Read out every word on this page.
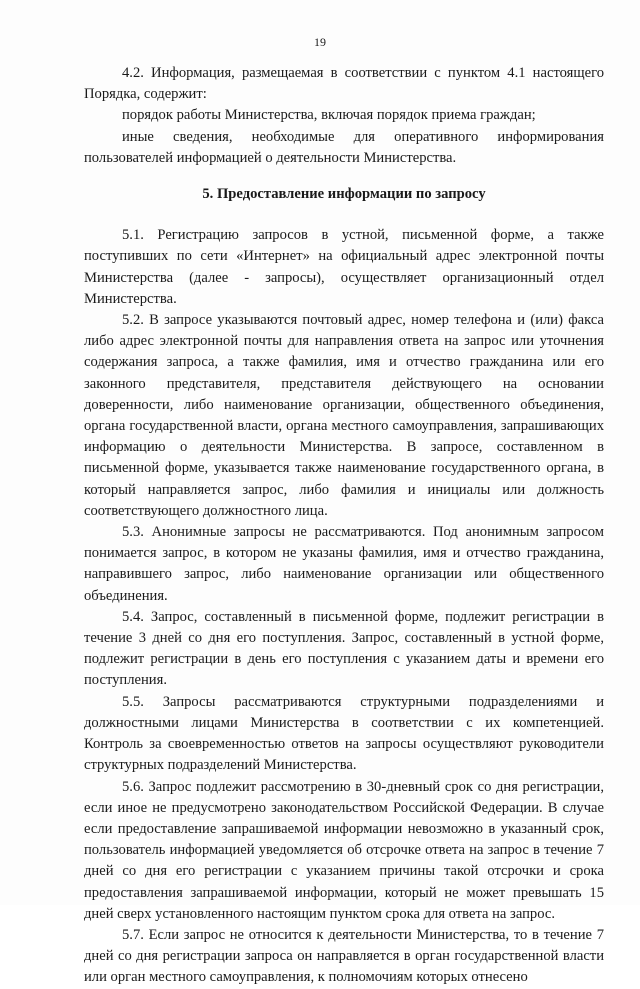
19

4.2. Информация, размещаемая в соответствии с пунктом 4.1 настоящего Порядка, содержит:

порядок работы Министерства, включая порядок приема граждан;

иные сведения, необходимые для оперативного информирования пользователей информацией о деятельности Министерства.

5. Предоставление информации по запросу

5.1. Регистрацию запросов в устной, письменной форме, а также поступивших по сети «Интернет» на официальный адрес электронной почты Министерства (далее - запросы), осуществляет организационный отдел Министерства.

5.2. В запросе указываются почтовый адрес, номер телефона и (или) факса либо адрес электронной почты для направления ответа на запрос или уточнения содержания запроса, а также фамилия, имя и отчество гражданина или его законного представителя, представителя действующего на основании доверенности, либо наименование организации, общественного объединения, органа государственной власти, органа местного самоуправления, запрашивающих информацию о деятельности Министерства. В запросе, составленном в письменной форме, указывается также наименование государственного органа, в который направляется запрос, либо фамилия и инициалы или должность соответствующего должностного лица.

5.3. Анонимные запросы не рассматриваются. Под анонимным запросом понимается запрос, в котором не указаны фамилия, имя и отчество гражданина, направившего запрос, либо наименование организации или общественного объединения.

5.4. Запрос, составленный в письменной форме, подлежит регистрации в течение 3 дней со дня его поступления. Запрос, составленный в устной форме, подлежит регистрации в день его поступления с указанием даты и времени его поступления.

5.5. Запросы рассматриваются структурными подразделениями и должностными лицами Министерства в соответствии с их компетенцией. Контроль за своевременностью ответов на запросы осуществляют руководители структурных подразделений Министерства.

5.6. Запрос подлежит рассмотрению в 30-дневный срок со дня регистрации, если иное не предусмотрено законодательством Российской Федерации. В случае если предоставление запрашиваемой информации невозможно в указанный срок, пользователь информацией уведомляется об отсрочке ответа на запрос в течение 7 дней со дня его регистрации с указанием причины такой отсрочки и срока предоставления запрашиваемой информации, который не может превышать 15 дней сверх установленного настоящим пунктом срока для ответа на запрос.

5.7. Если запрос не относится к деятельности Министерства, то в течение 7 дней со дня регистрации запроса он направляется в орган государственной власти или орган местного самоуправления, к полномочиям которых отнесено
